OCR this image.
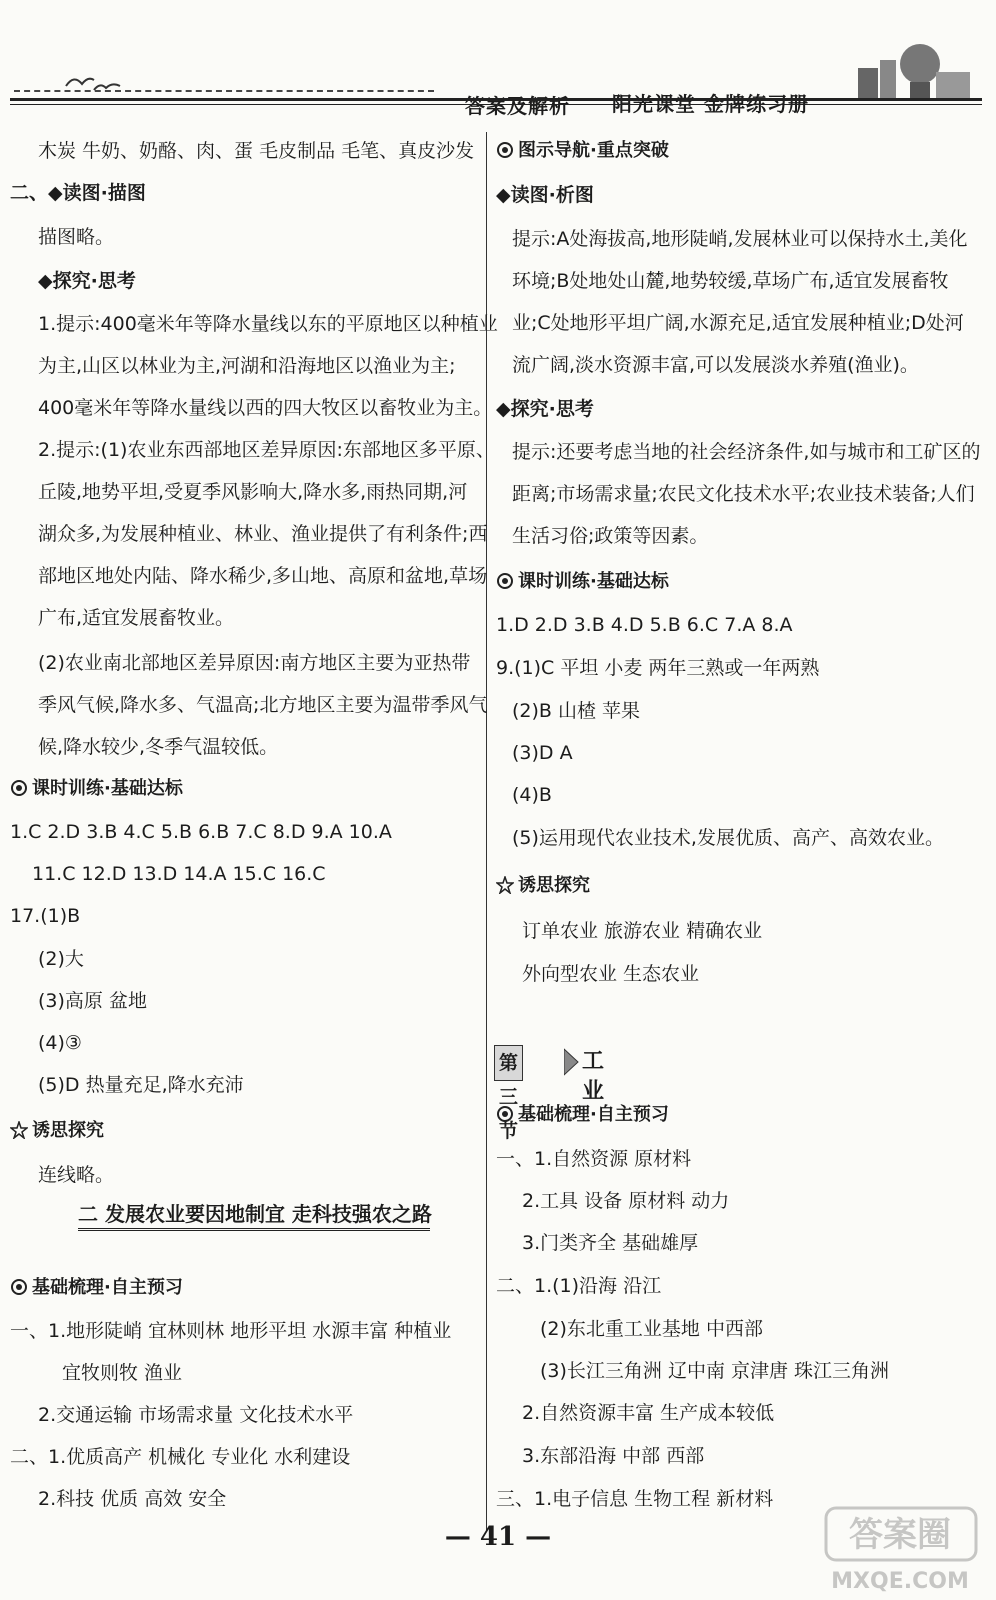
答案及解析 阳光课堂 金牌练习册
木炭 牛奶、奶酪、肉、蛋 毛皮制品 毛笔、真皮沙发
二、◆读图·描图
描图略。
◆探究·思考
1.提示:400毫米年等降水量线以东的平原地区以种植业
为主,山区以林业为主,河湖和沿海地区以渔业为主;
400毫米年等降水量线以西的四大牧区以畜牧业为主。
2.提示:(1)农业东西部地区差异原因:东部地区多平原、
丘陵,地势平坦,受夏季风影响大,降水多,雨热同期,河
湖众多,为发展种植业、林业、渔业提供了有利条件;西
部地区地处内陆、降水稀少,多山地、高原和盆地,草场
广布,适宜发展畜牧业。
(2)农业南北部地区差异原因:南方地区主要为亚热带
季风气候,降水多、气温高;北方地区主要为温带季风气
候,降水较少,冬季气温较低。
课时训练·基础达标
1.C 2.D 3.B 4.C 5.B 6.B 7.C 8.D 9.A 10.A
11.C 12.D 13.D 14.A 15.C 16.C
17.(1)B
(2)大
(3)高原 盆地
(4)③
(5)D 热量充足,降水充沛
诱思探究
连线略。
二 发展农业要因地制宜 走科技强农之路
基础梳理·自主预习
一、1.地形陡峭 宜林则林 地形平坦 水源丰富 种植业
宜牧则牧 渔业
2.交通运输 市场需求量 文化技术水平
二、1.优质高产 机械化 专业化 水利建设
2.科技 优质 高效 安全
图示导航·重点突破
◆读图·析图
提示:A处海拔高,地形陡峭,发展林业可以保持水土,美化
环境;B处地处山麓,地势较缓,草场广布,适宜发展畜牧
业;C处地形平坦广阔,水源充足,适宜发展种植业;D处河
流广阔,淡水资源丰富,可以发展淡水养殖(渔业)。
◆探究·思考
提示:还要考虑当地的社会经济条件,如与城市和工矿区的
距离;市场需求量;农民文化技术水平;农业技术装备;人们
生活习俗;政策等因素。
课时训练·基础达标
1.D 2.D 3.B 4.D 5.B 6.C 7.A 8.A
9.(1)C 平坦 小麦 两年三熟或一年两熟
(2)B 山楂 苹果
(3)D A
(4)B
(5)运用现代农业技术,发展优质、高产、高效农业。
诱思探究
订单农业 旅游农业 精确农业
外向型农业 生态农业
第三节
工业
基础梳理·自主预习
一、1.自然资源 原材料
2.工具 设备 原材料 动力
3.门类齐全 基础雄厚
二、1.(1)沿海 沿江
(2)东北重工业基地 中西部
(3)长江三角洲 辽中南 京津唐 珠江三角洲
2.自然资源丰富 生产成本较低
3.东部沿海 中部 西部
三、1.电子信息 生物工程 新材料
— 41 —	答案圈
MXQE.COM
